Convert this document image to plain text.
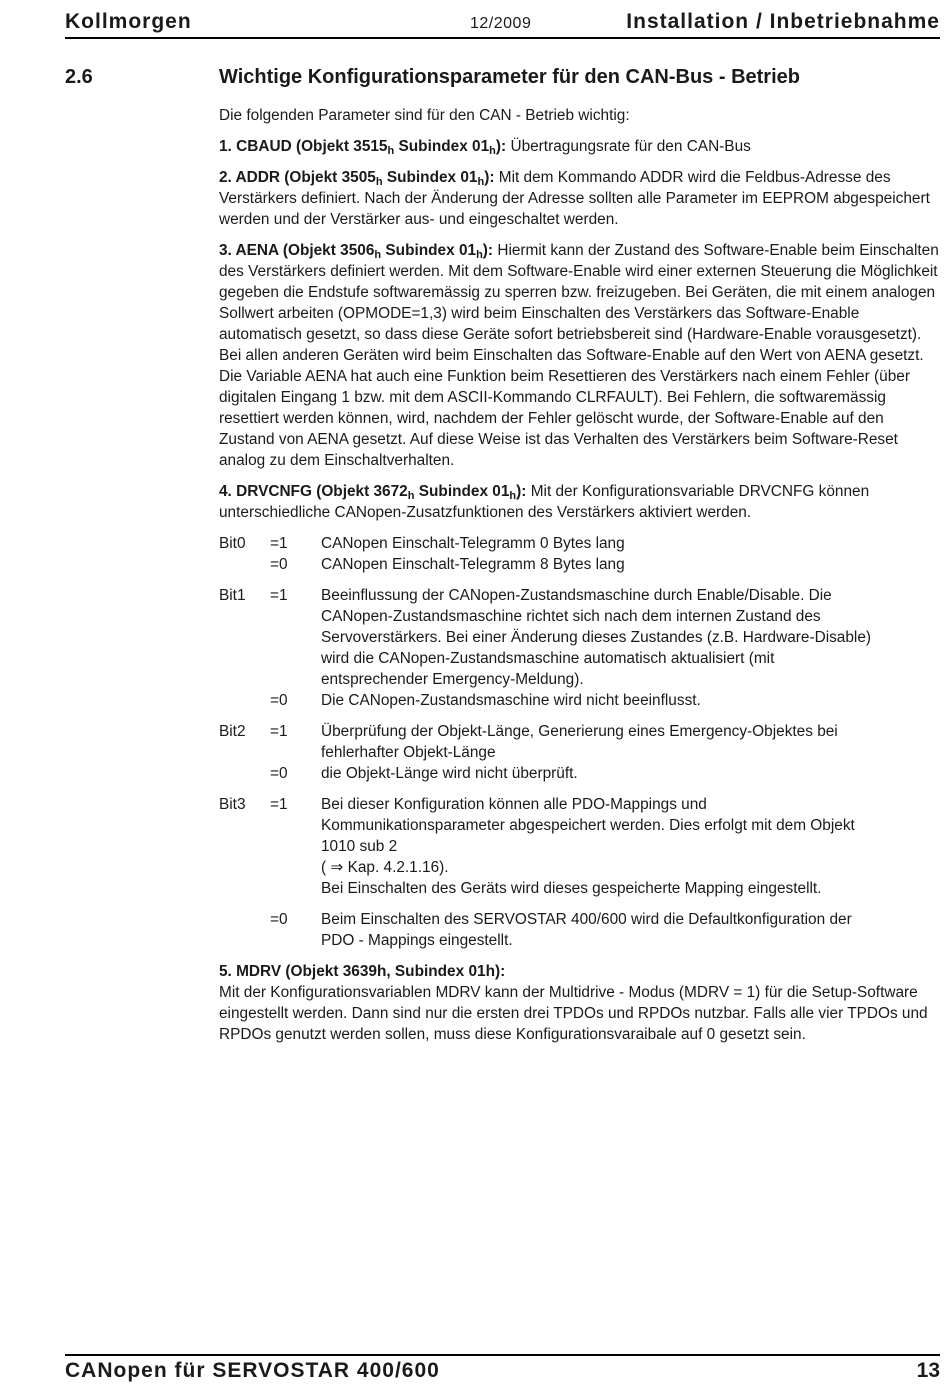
Kollmorgen	12/2009	Installation / Inbetriebnahme
2.6	Wichtige Konfigurationsparameter für den CAN-Bus - Betrieb

Die folgenden Parameter sind für den CAN - Betrieb wichtig:

1. CBAUD (Objekt $3515_h$ Subindex $01_h$): Übertragungsrate für den CAN-Bus

2. ADDR (Objekt $3505_h$ Subindex $01_h$): Mit dem Kommando ADDR wird die Feldbus-Adresse des Verstärkers definiert. Nach der Änderung der Adresse sollten alle Parameter im EEPROM abgespeichert werden und der Verstärker aus- und eingeschaltet werden.

3. AENA (Objekt $3506_h$ Subindex $01_h$): Hiermit kann der Zustand des Software-Enable beim Einschalten des Verstärkers definiert werden. Mit dem Software-Enable wird einer externen Steuerung die Möglichkeit gegeben die Endstufe softwaremässig zu sperren bzw. freizugeben. Bei Geräten, die mit einem analogen Sollwert arbeiten (OPMODE=1,3) wird beim Einschalten des Verstärkers das Software-Enable automatisch gesetzt, so dass diese Geräte sofort betriebsbereit sind (Hardware-Enable vorausgesetzt). Bei allen anderen Geräten wird beim Einschalten das Software-Enable auf den Wert von AENA gesetzt. Die Variable AENA hat auch eine Funktion beim Resettieren des Verstärkers nach einem Fehler (über digitalen Eingang 1 bzw. mit dem ASCII-Kommando CLRFAULT). Bei Fehlern, die softwaremässig resettiert werden können, wird, nachdem der Fehler gelöscht wurde, der Software-Enable auf den Zustand von AENA gesetzt. Auf diese Weise ist das Verhalten des Verstärkers beim Software-Reset analog zu dem Einschaltverhalten.

4. DRVCNFG (Objekt $3672_h$ Subindex $01_h$): Mit der Konfigurationsvariable DRVCNFG können unterschiedliche CANopen-Zusatzfunktionen des Verstärkers aktiviert werden.

Bit0	=1	CANopen Einschalt-Telegramm 0 Bytes lang
=0	CANopen Einschalt-Telegramm 8 Bytes lang
Bit1	=1	Beeinflussung der CANopen-Zustandsmaschine durch Enable/Disable. Die CANopen-Zustandsmaschine richtet sich nach dem internen Zustand des Servoverstärkers. Bei einer Änderung dieses Zustandes (z.B. Hardware-Disable) wird die CANopen-Zustandsmaschine automatisch aktualisiert (mit entsprechender Emergency-Meldung).
=0	Die CANopen-Zustandsmaschine wird nicht beeinflusst.
Bit2	=1	Überprüfung der Objekt-Länge, Generierung eines Emergency-Objektes bei fehlerhafter Objekt-Länge
=0	die Objekt-Länge wird nicht überprüft.
Bit3	=1	Bei dieser Konfiguration können alle PDO-Mappings und Kommunikationsparameter abgespeichert werden. Dies erfolgt mit dem Objekt 1010 sub 2
( ⇒ Kap. 4.2.1.16).
Bei Einschalten des Geräts wird dieses gespeicherte Mapping eingestellt.
=0	Beim Einschalten des SERVOSTAR 400/600 wird die Defaultkonfiguration der PDO - Mappings eingestellt.

5. MDRV (Objekt 3639h, Subindex 01h):
Mit der Konfigurationsvariablen MDRV kann der Multidrive - Modus (MDRV = 1) für die Setup-Software eingestellt werden. Dann sind nur die ersten drei TPDOs und RPDOs nutzbar. Falls alle vier TPDOs und RPDOs genutzt werden sollen, muss diese Konfigurationsvaraibale auf 0 gesetzt sein.

CANopen für SERVOSTAR 400/600	13
